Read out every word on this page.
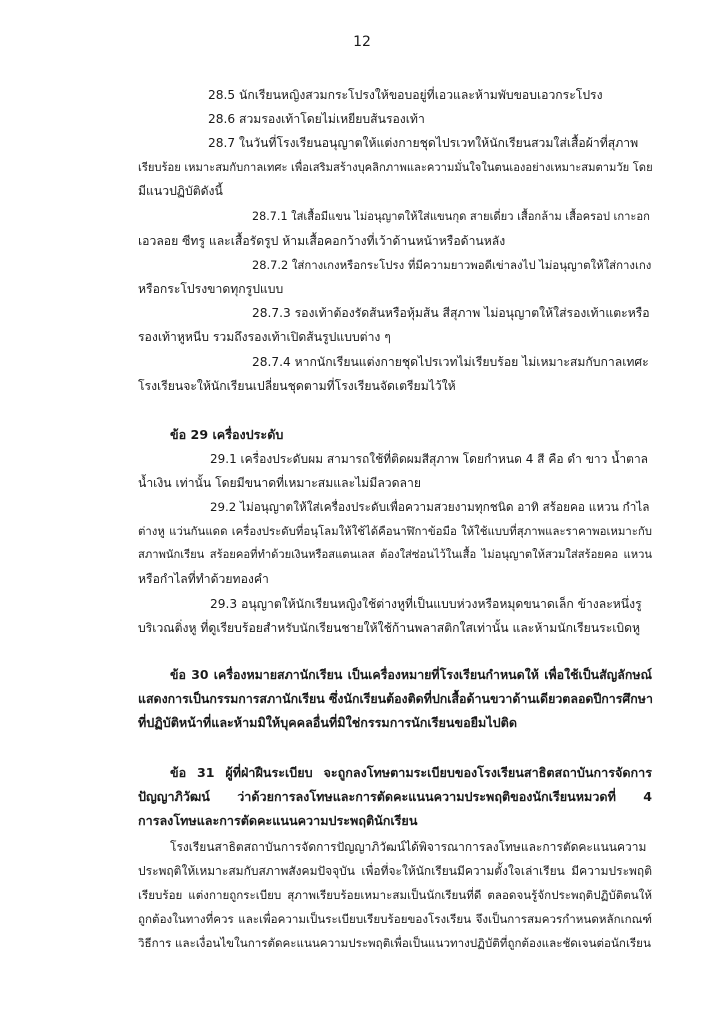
12

28.5 นักเรียนหญิงสวมกระโปรงให้ขอบอยู่ที่เอวและห้ามพับขอบเอวกระโปรง

28.6 สวมรองเท้าโดยไม่เหยียบส้นรองเท้า

28.7 ในวันที่โรงเรียนอนุญาตให้แต่งกายชุดไปรเวทให้นักเรียนสวมใส่เสื้อผ้าที่สุภาพ

เรียบร้อย เหมาะสมกับกาลเทศะ เพื่อเสริมสร้างบุคลิกภาพและความมั่นใจในตนเองอย่างเหมาะสมตามวัย โดย

มีแนวปฏิบัติดังนี้

28.7.1 ใส่เสื้อมีแขน ไม่อนุญาตให้ใส่แขนกุด สายเดี่ยว เสื้อกล้าม เสื้อครอป เกาะอก

เอวลอย ซีทรู และเสื้อรัดรูป ห้ามเสื้อคอกว้างที่เว้าด้านหน้าหรือด้านหลัง

28.7.2 ใส่กางเกงหรือกระโปรง ที่มีความยาวพอดีเข่าลงไป ไม่อนุญาตให้ใส่กางเกง

หรือกระโปรงขาดทุกรูปแบบ

28.7.3 รองเท้าต้องรัดส้นหรือหุ้มส้น สีสุภาพ ไม่อนุญาตให้ใส่รองเท้าแตะหรือ

รองเท้าหูหนีบ รวมถึงรองเท้าเปิดส้นรูปแบบต่าง ๆ

28.7.4 หากนักเรียนแต่งกายชุดไปรเวทไม่เรียบร้อย ไม่เหมาะสมกับกาลเทศะ

โรงเรียนจะให้นักเรียนเปลี่ยนชุดตามที่โรงเรียนจัดเตรียมไว้ให้

ข้อ 29 เครื่องประดับ

29.1 เครื่องประดับผม สามารถใช้ที่ติดผมสีสุภาพ โดยกำหนด 4 สี คือ ดำ ขาว น้ำตาล

น้ำเงิน เท่านั้น โดยมีขนาดที่เหมาะสมและไม่มีลวดลาย

29.2 ไม่อนุญาตให้ใส่เครื่องประดับเพื่อความสวยงามทุกชนิด อาทิ สร้อยคอ แหวน กำไล

ต่างหู แว่นกันแดด เครื่องประดับที่อนุโลมให้ใช้ได้คือนาฬิกาข้อมือ ให้ใช้แบบที่สุภาพและราคาพอเหมาะกับ

สภาพนักเรียน สร้อยคอที่ทำด้วยเงินหรือสแตนเลส ต้องใส่ซ่อนไว้ในเสื้อ ไม่อนุญาตให้สวมใส่สร้อยคอ แหวน

หรือกำไลที่ทำด้วยทองคำ

29.3 อนุญาตให้นักเรียนหญิงใช้ต่างหูที่เป็นแบบห่วงหรือหมุดขนาดเล็ก ข้างละหนึ่งรู

บริเวณติ่งหู ที่ดูเรียบร้อยสำหรับนักเรียนชายให้ใช้ก้านพลาสติกใสเท่านั้น และห้ามนักเรียนระเบิดหู

ข้อ 30 เครื่องหมายสภานักเรียน เป็นเครื่องหมายที่โรงเรียนกำหนดให้ เพื่อใช้เป็นสัญลักษณ์

แสดงการเป็นกรรมการสภานักเรียน ซึ่งนักเรียนต้องติดที่ปกเสื้อด้านขวาด้านเดียวตลอดปีการศึกษา

ที่ปฏิบัติหน้าที่และห้ามมิให้บุคคลอื่นที่มิใช่กรรมการนักเรียนขอยืมไปติด

ข้อ 31 ผู้ที่ฝ่าฝืนระเบียบ จะถูกลงโทษตามระเบียบของโรงเรียนสาธิตสถาบันการจัดการ

ปัญญาภิวัฒน์ ว่าด้วยการลงโทษและการตัดคะแนนความประพฤติของนักเรียนหมวดที่ 4

การลงโทษและการตัดคะแนนความประพฤตินักเรียน

โรงเรียนสาธิตสถาบันการจัดการปัญญาภิวัฒน์ได้พิจารณาการลงโทษและการตัดคะแนนความ

ประพฤติให้เหมาะสมกับสภาพสังคมปัจจุบัน เพื่อที่จะให้นักเรียนมีความตั้งใจเล่าเรียน มีความประพฤติ

เรียบร้อย แต่งกายถูกระเบียบ สุภาพเรียบร้อยเหมาะสมเป็นนักเรียนที่ดี ตลอดจนรู้จักประพฤติปฏิบัติตนให้

ถูกต้องในทางที่ควร และเพื่อความเป็นระเบียบเรียบร้อยของโรงเรียน จึงเป็นการสมควรกำหนดหลักเกณฑ์

วิธีการ และเงื่อนไขในการตัดคะแนนความประพฤติเพื่อเป็นแนวทางปฏิบัติที่ถูกต้องและชัดเจนต่อนักเรียน
